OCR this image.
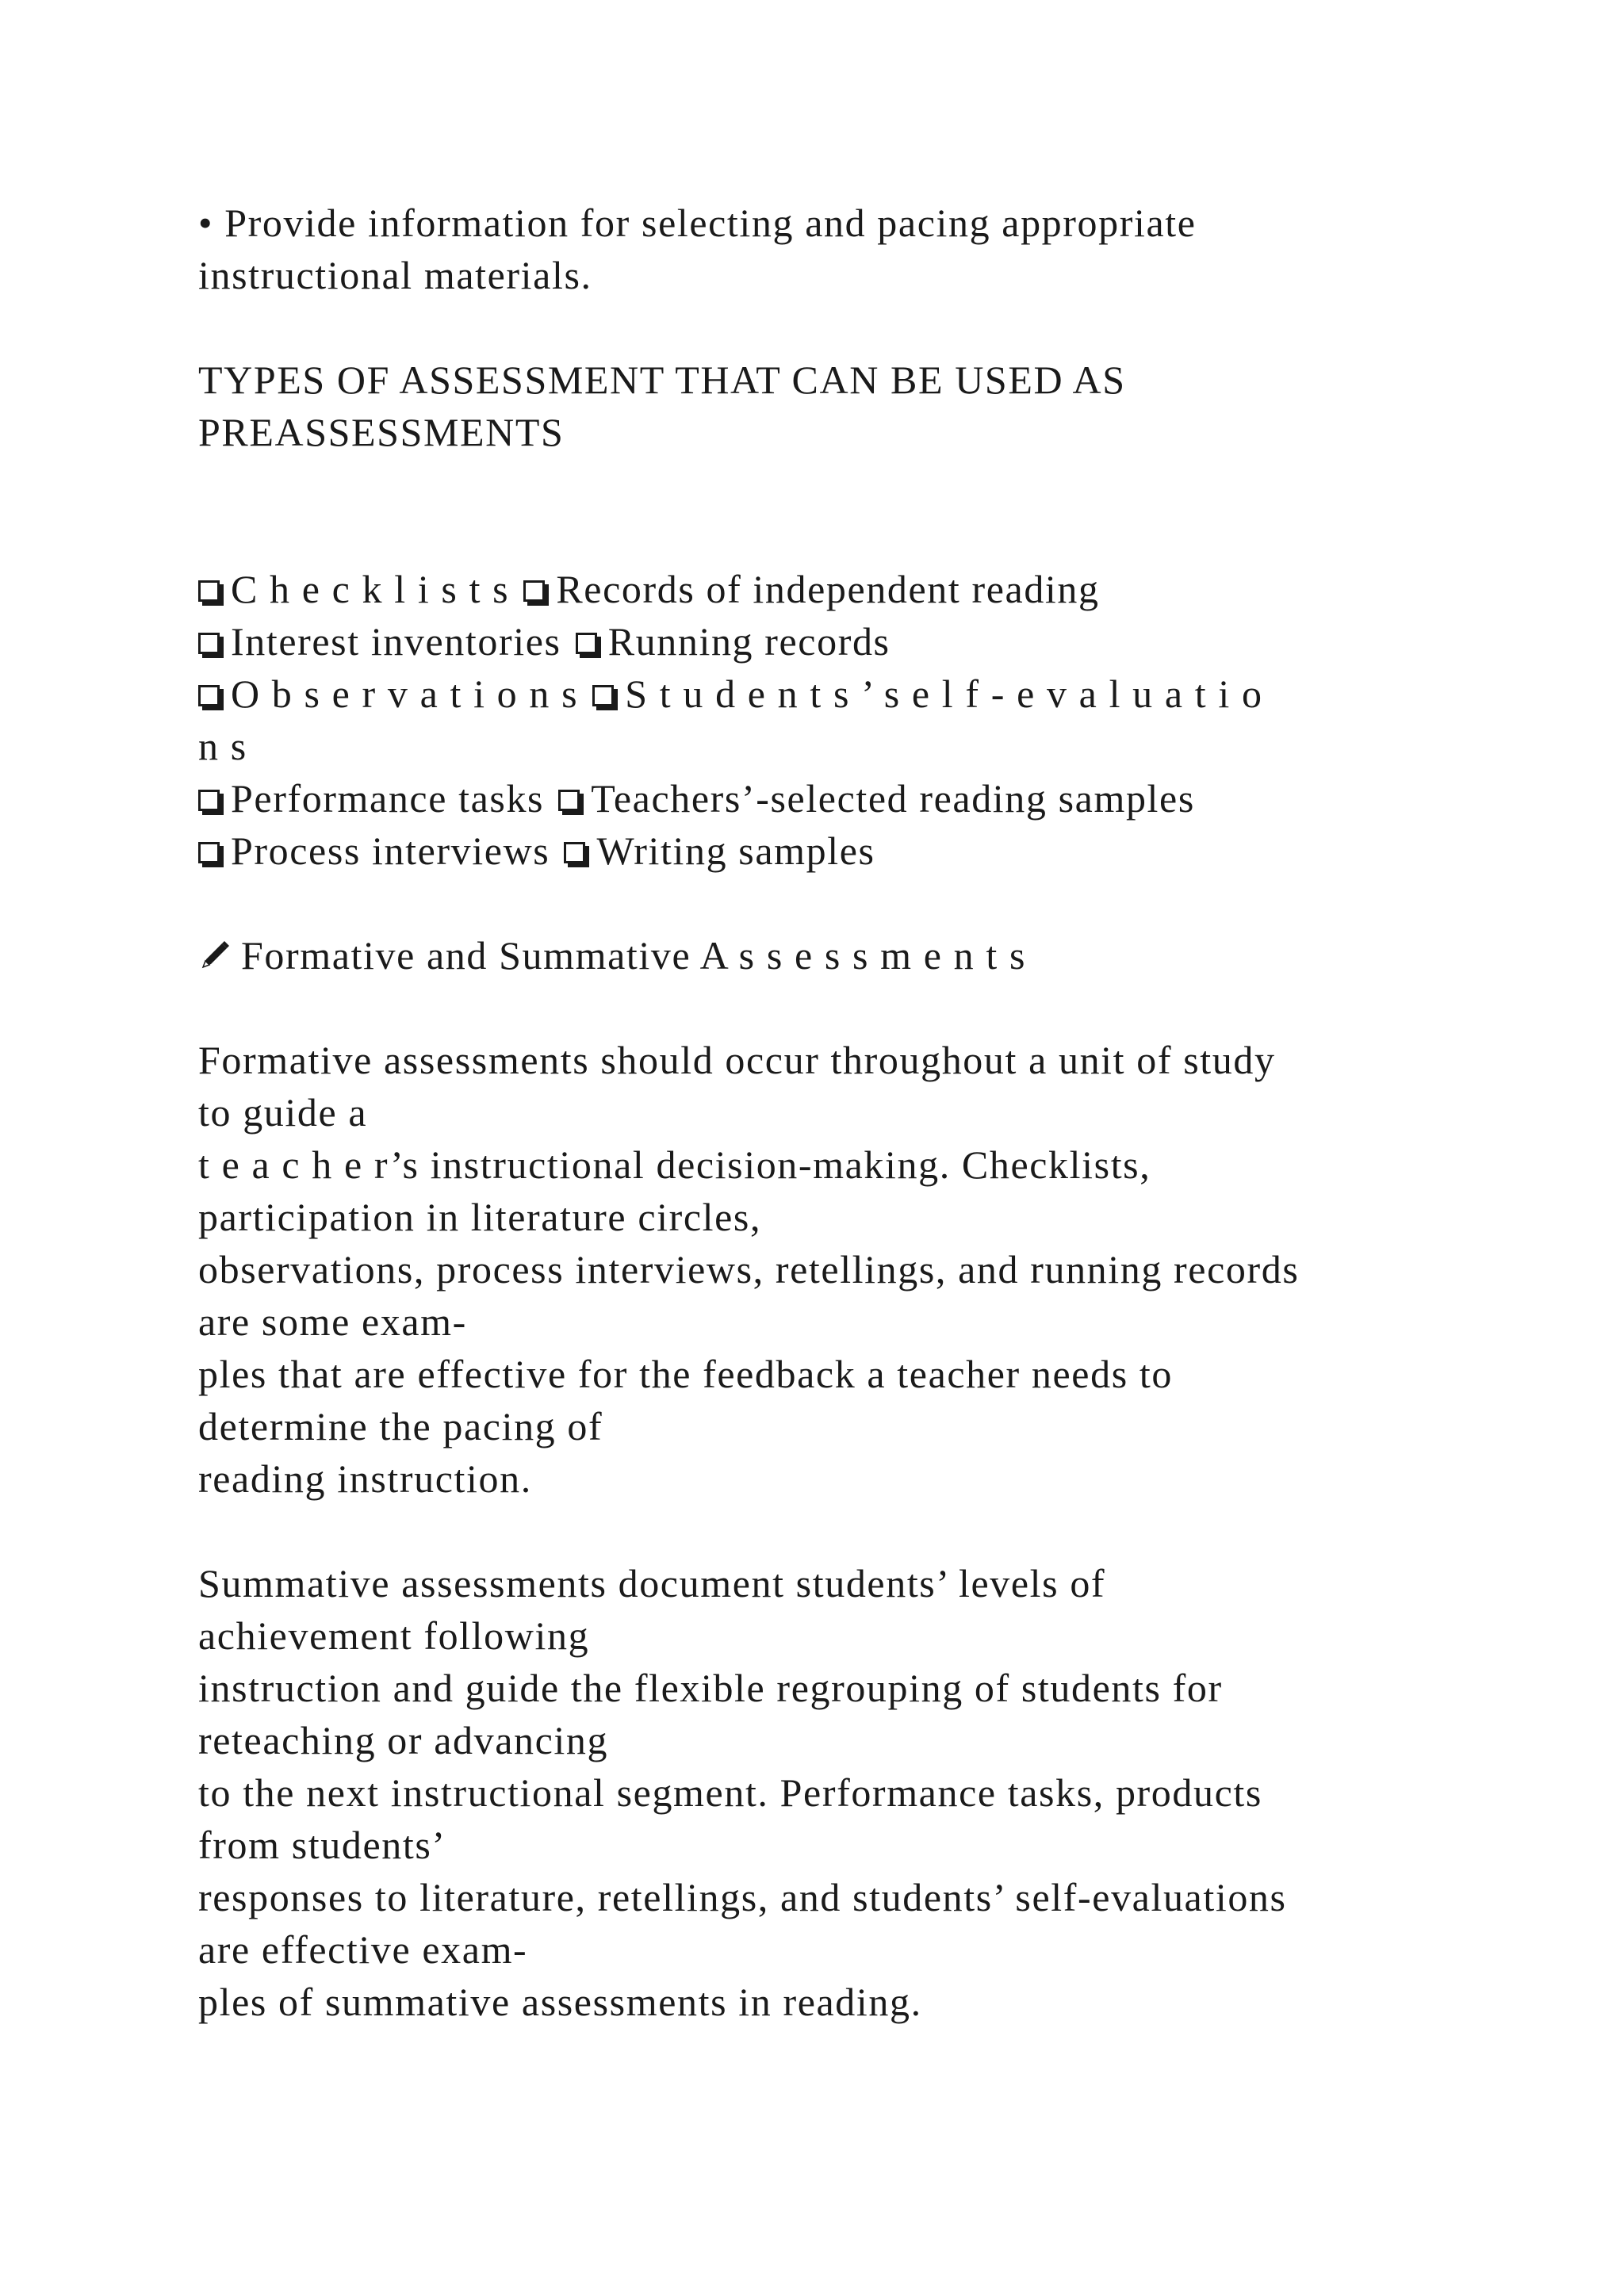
• Provide information for selecting and pacing appropriate
instructional materials.
TYPES OF ASSESSMENT THAT CAN BE USED AS
PREASSESSMENTS
C h e c k l i s t s Records of independent reading
Interest inventories Running records
O b s e r v a t i o n s S t u d e n t s ’ s e l f - e v a l u a t i o
n s
Performance tasks Teachers’-selected reading samples
Process interviews Writing samples
Formative and Summative A s s e s s m e n t s
Formative assessments should occur throughout a unit of study
to guide a
t e a c h e r’s instructional decision-making. Checklists,
participation in literature circles,
observations, process interviews, retellings, and running records
are some exam-
ples that are effective for the feedback a teacher needs to
determine the pacing of
reading instruction.
Summative assessments document students’ levels of
achievement following
instruction and guide the flexible regrouping of students for
reteaching or advancing
to the next instructional segment. Performance tasks, products
from students’
responses to literature, retellings, and students’ self-evaluations
are effective exam-
ples of summative assessments in reading.
